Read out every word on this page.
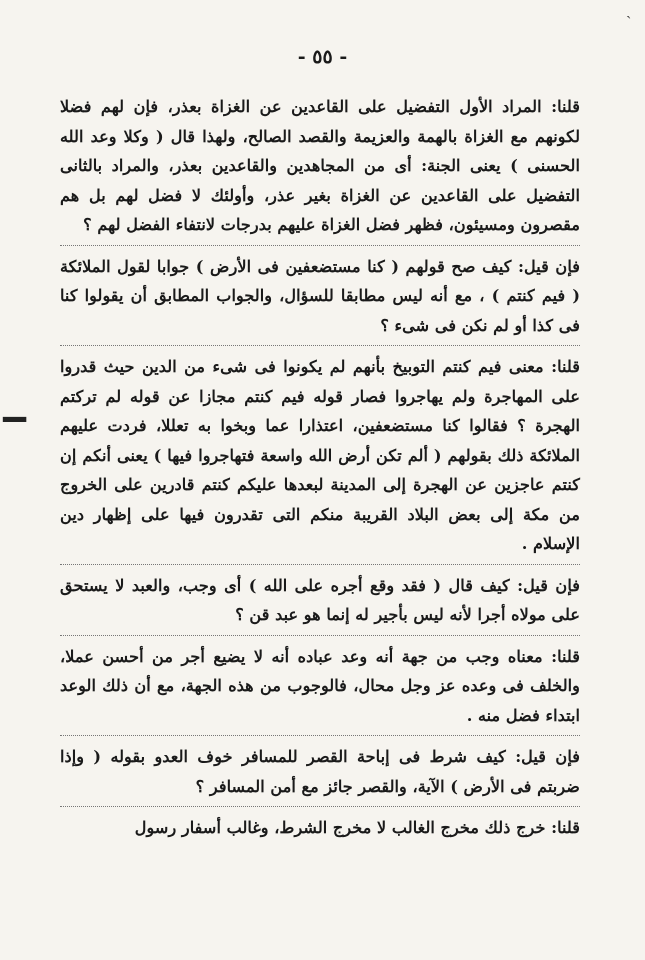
ˎ
- ٥٥ -
▬

قلنا: المراد الأول التفضيل على القاعدين عن الغزاة بعذر، فإن لهم فضلا لكونهم مع الغزاة بالهمة والعزيمة والقصد الصالح، ولهذا قال ( وكلا وعد الله الحسنى ) يعنى الجنة: أى من المجاهدين والقاعدين بعذر، والمراد بالثانى التفضيل على القاعدين عن الغزاة بغير عذر، وأولئك لا فضل لهم بل هم مقصرون ومسيئون، فظهر فضل الغزاة عليهم بدرجات لانتفاء الفضل لهم ؟

فإن قيل: كيف صح قولهم ( كنا مستضعفين فى الأرض ) جوابا لقول الملائكة ( فيم كنتم ) ، مع أنه ليس مطابقا للسؤال، والجواب المطابق أن يقولوا كنا فى كذا أو لم نكن فى شىء ؟

قلنا: معنى فيم كنتم التوبيخ بأنهم لم يكونوا فى شىء من الدين حيث قدروا على المهاجرة ولم يهاجروا فصار قوله فيم كنتم مجازا عن قوله لم تركتم الهجرة ؟ فقالوا كنا مستضعفين، اعتذارا عما وبخوا به تعللا، فردت عليهم الملائكة ذلك بقولهم ( ألم تكن أرض الله واسعة فتهاجروا فيها ) يعنى أنكم إن كنتم عاجزين عن الهجرة إلى المدينة لبعدها عليكم كنتم قادرين على الخروج من مكة إلى بعض البلاد القريبة منكم التى تقدرون فيها على إظهار دين الإسلام .

فإن قيل: كيف قال ( فقد وقع أجره على الله ) أى وجب، والعبد لا يستحق على مولاه أجرا لأنه ليس بأجير له إنما هو عبد قن ؟

قلنا: معناه وجب من جهة أنه وعد عباده أنه لا يضيع أجر من أحسن عملا، والخلف فى وعده عز وجل محال، فالوجوب من هذه الجهة، مع أن ذلك الوعد ابتداء فضل منه .

فإن قيل: كيف شرط فى إباحة القصر للمسافر خوف العدو بقوله ( وإذا ضربتم فى الأرض ) الآية، والقصر جائز مع أمن المسافر ؟

قلنا: خرج ذلك مخرج الغالب لا مخرج الشرط، وغالب أسفار رسول
